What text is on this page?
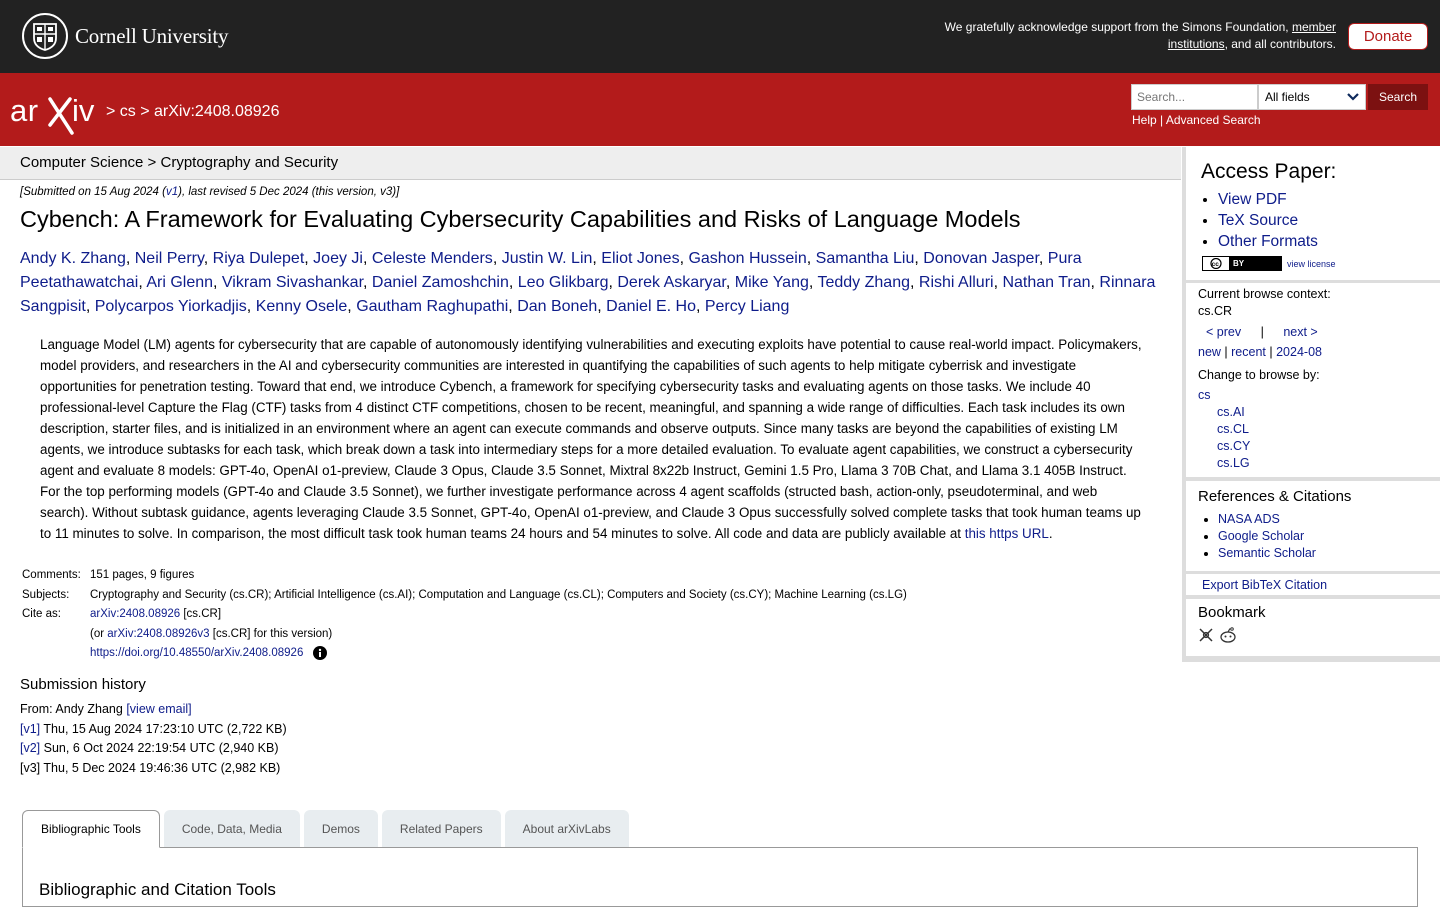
Cornell University	We gratefully acknowledge support from the Simons Foundation, member institutions, and all contributors.	Donate
ar iv > cs > arXiv:2408.08926
Search...
All fields	Search
Help | Advanced Search
Computer Science > Cryptography and Security
[Submitted on 15 Aug 2024 (v1), last revised 5 Dec 2024 (this version, v3)]
Cybench: A Framework for Evaluating Cybersecurity Capabilities and Risks of Language Models
Andy K. Zhang, Neil Perry, Riya Dulepet, Joey Ji, Celeste Menders, Justin W. Lin, Eliot Jones, Gashon Hussein, Samantha Liu, Donovan Jasper, Pura Peetathawatchai, Ari Glenn, Vikram Sivashankar, Daniel Zamoshchin, Leo Glikbarg, Derek Askaryar, Mike Yang, Teddy Zhang, Rishi Alluri, Nathan Tran, Rinnara Sangpisit, Polycarpos Yiorkadjis, Kenny Osele, Gautham Raghupathi, Dan Boneh, Daniel E. Ho, Percy Liang
Language Model (LM) agents for cybersecurity that are capable of autonomously identifying vulnerabilities and executing exploits have potential to cause real-world impact. Policymakers, model providers, and researchers in the AI and cybersecurity communities are interested in quantifying the capabilities of such agents to help mitigate cyberrisk and investigate opportunities for penetration testing. Toward that end, we introduce Cybench, a framework for specifying cybersecurity tasks and evaluating agents on those tasks. We include 40 professional-level Capture the Flag (CTF) tasks from 4 distinct CTF competitions, chosen to be recent, meaningful, and spanning a wide range of difficulties. Each task includes its own description, starter files, and is initialized in an environment where an agent can execute commands and observe outputs. Since many tasks are beyond the capabilities of existing LM agents, we introduce subtasks for each task, which break down a task into intermediary steps for a more detailed evaluation. To evaluate agent capabilities, we construct a cybersecurity agent and evaluate 8 models: GPT-4o, OpenAI o1-preview, Claude 3 Opus, Claude 3.5 Sonnet, Mixtral 8x22b Instruct, Gemini 1.5 Pro, Llama 3 70B Chat, and Llama 3.1 405B Instruct. For the top performing models (GPT-4o and Claude 3.5 Sonnet), we further investigate performance across 4 agent scaffolds (structed bash, action-only, pseudoterminal, and web search). Without subtask guidance, agents leveraging Claude 3.5 Sonnet, GPT-4o, OpenAI o1-preview, and Claude 3 Opus successfully solved complete tasks that took human teams up to 11 minutes to solve. In comparison, the most difficult task took human teams 24 hours and 54 minutes to solve. All code and data are publicly available at this https URL.
Comments:	151 pages, 9 figures
Subjects:	Cryptography and Security (cs.CR); Artificial Intelligence (cs.AI); Computation and Language (cs.CL); Computers and Society (cs.CY); Machine Learning (cs.LG)
Cite as:	arXiv:2408.08926 [cs.CR]
	(or arXiv:2408.08926v3 [cs.CR] for this version)
	https://doi.org/10.48550/arXiv.2408.08926
Submission history
From: Andy Zhang [view email]
[v1] Thu, 15 Aug 2024 17:23:10 UTC (2,722 KB)
[v2] Sun, 6 Oct 2024 22:19:54 UTC (2,940 KB)
[v3] Thu, 5 Dec 2024 19:46:36 UTC (2,982 KB)
Bibliographic Tools	Code, Data, Media	Demos	Related Papers	About arXivLabs
Bibliographic and Citation Tools
Access Paper:
• View PDF
• TeX Source
• Other Formats
cc	BY	view license
Current browse context:
cs.CR
< prev | next >
new | recent | 2024-08
Change to browse by:
cs
cs.AI
cs.CL
cs.CY
cs.LG
References & Citations
• NASA ADS
• Google Scholar
• Semantic Scholar
Export BibTeX Citation
Bookmark
